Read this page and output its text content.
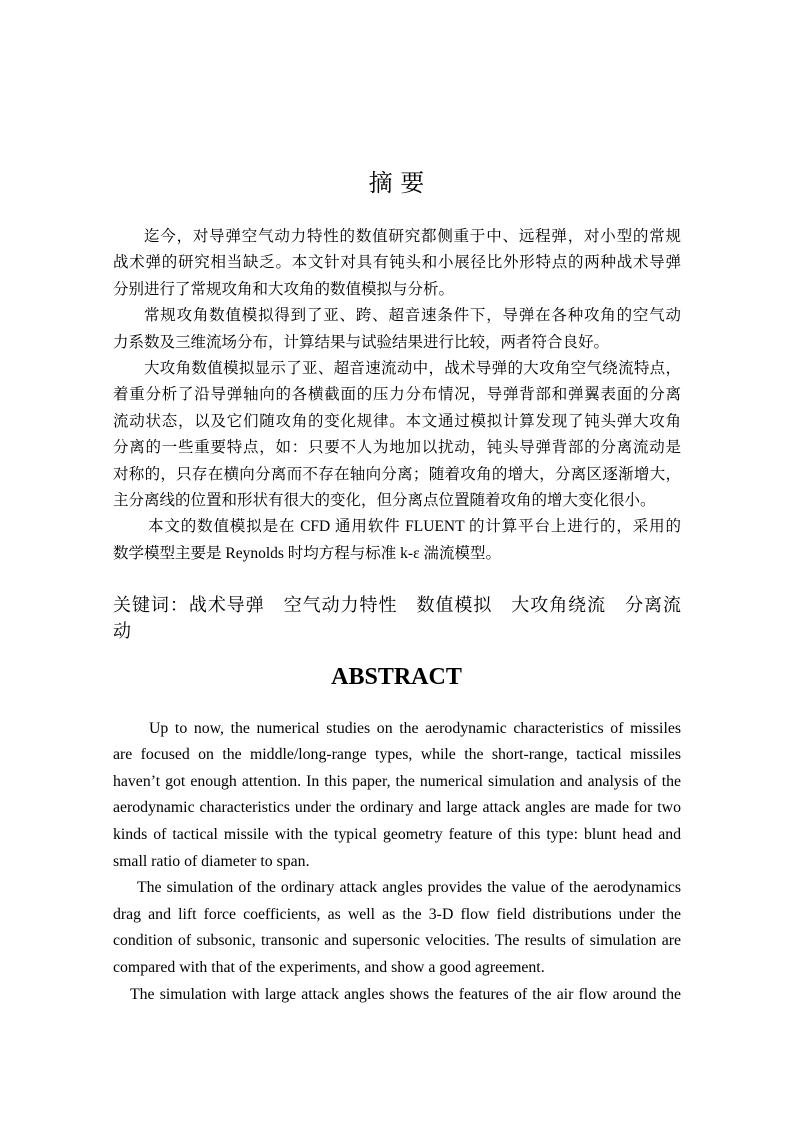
摘 要
迄今，对导弹空气动力特性的数值研究都侧重于中、远程弹，对小型的常规
战术弹的研究相当缺乏。本文针对具有钝头和小展径比外形特点的两种战术导弹
分别进行了常规攻角和大攻角的数值模拟与分析。
常规攻角数值模拟得到了亚、跨、超音速条件下，导弹在各种攻角的空气动
力系数及三维流场分布，计算结果与试验结果进行比较，两者符合良好。
大攻角数值模拟显示了亚、超音速流动中，战术导弹的大攻角空气绕流特点，
着重分析了沿导弹轴向的各横截面的压力分布情况，导弹背部和弹翼表面的分离
流动状态，以及它们随攻角的变化规律。本文通过模拟计算发现了钝头弹大攻角
分离的一些重要特点，如：只要不人为地加以扰动，钝头导弹背部的分离流动是
对称的，只存在横向分离而不存在轴向分离；随着攻角的增大，分离区逐渐增大，
主分离线的位置和形状有很大的变化，但分离点位置随着攻角的增大变化很小。
本文的数值模拟是在 CFD 通用软件 FLUENT 的计算平台上进行的，采用的
数学模型主要是 Reynolds 时均方程与标准 k-ε 湍流模型。
关键词：战术导弹　空气动力特性　数值模拟　大攻角绕流　分离流
动
ABSTRACT
Up to now, the numerical studies on the aerodynamic characteristics of missiles
are focused on the middle/long-range types, while the short-range, tactical missiles
haven’t got enough attention. In this paper, the numerical simulation and analysis of the
aerodynamic characteristics under the ordinary and large attack angles are made for two
kinds of tactical missile with the typical geometry feature of this type: blunt head and
small ratio of diameter to span.
The simulation of the ordinary attack angles provides the value of the aerodynamics
drag and lift force coefficients, as well as the 3-D flow field distributions under the
condition of subsonic, transonic and supersonic velocities. The results of simulation are
compared with that of the experiments, and show a good agreement.
The simulation with large attack angles shows the features of the air flow around the
